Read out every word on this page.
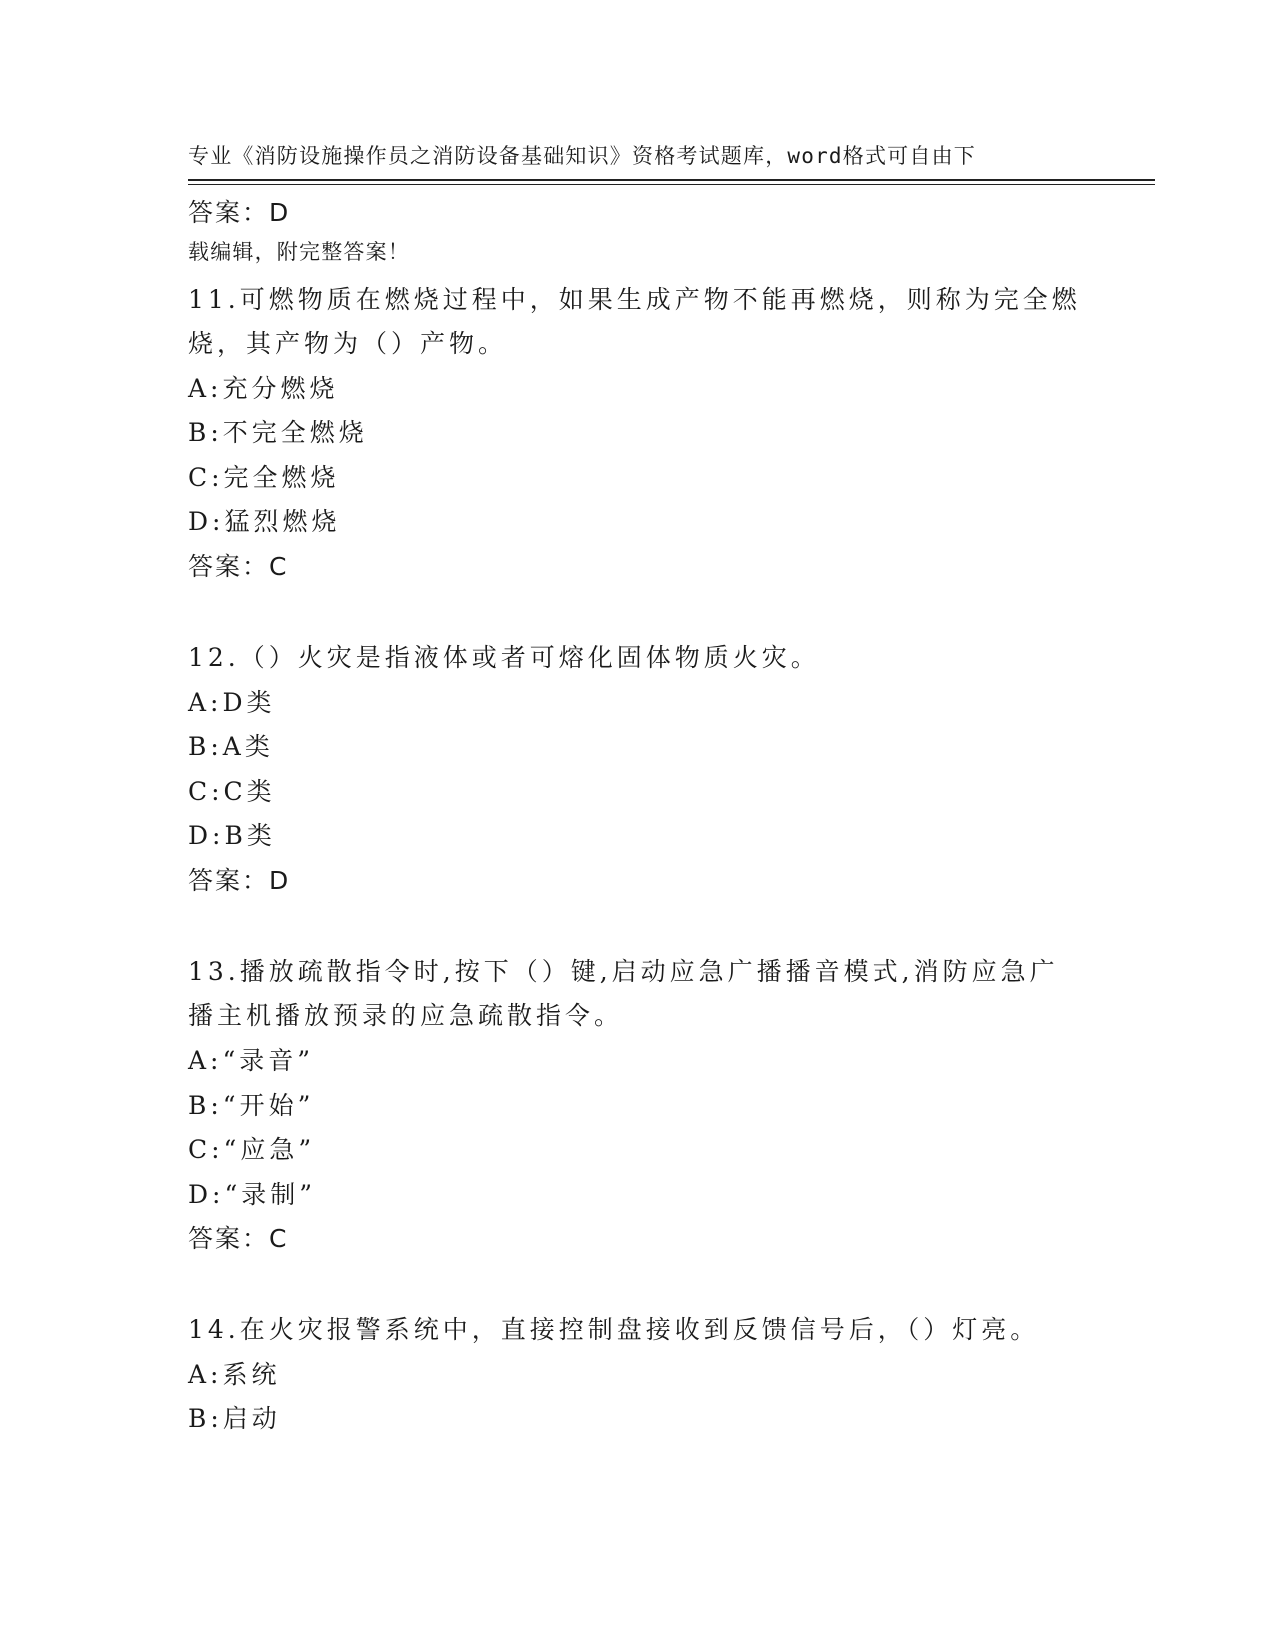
专业《消防设施操作员之消防设备基础知识》资格考试题库，word格式可自由下

载编辑，附完整答案！

答案：D
11.可燃物质在燃烧过程中，如果生成产物不能再燃烧，则称为完全燃
烧，其产物为（）产物。
A:充分燃烧
B:不完全燃烧
C:完全燃烧
D:猛烈燃烧
答案：C
12.（）火灾是指液体或者可熔化固体物质火灾。
A:D类
B:A类
C:C类
D:B类
答案：D
13.播放疏散指令时,按下（）键,启动应急广播播音模式,消防应急广
播主机播放预录的应急疏散指令。
A:“录音”
B:“开始”
C:“应急”
D:“录制”
答案：C
14.在火灾报警系统中，直接控制盘接收到反馈信号后，（）灯亮。
A:系统
B:启动
